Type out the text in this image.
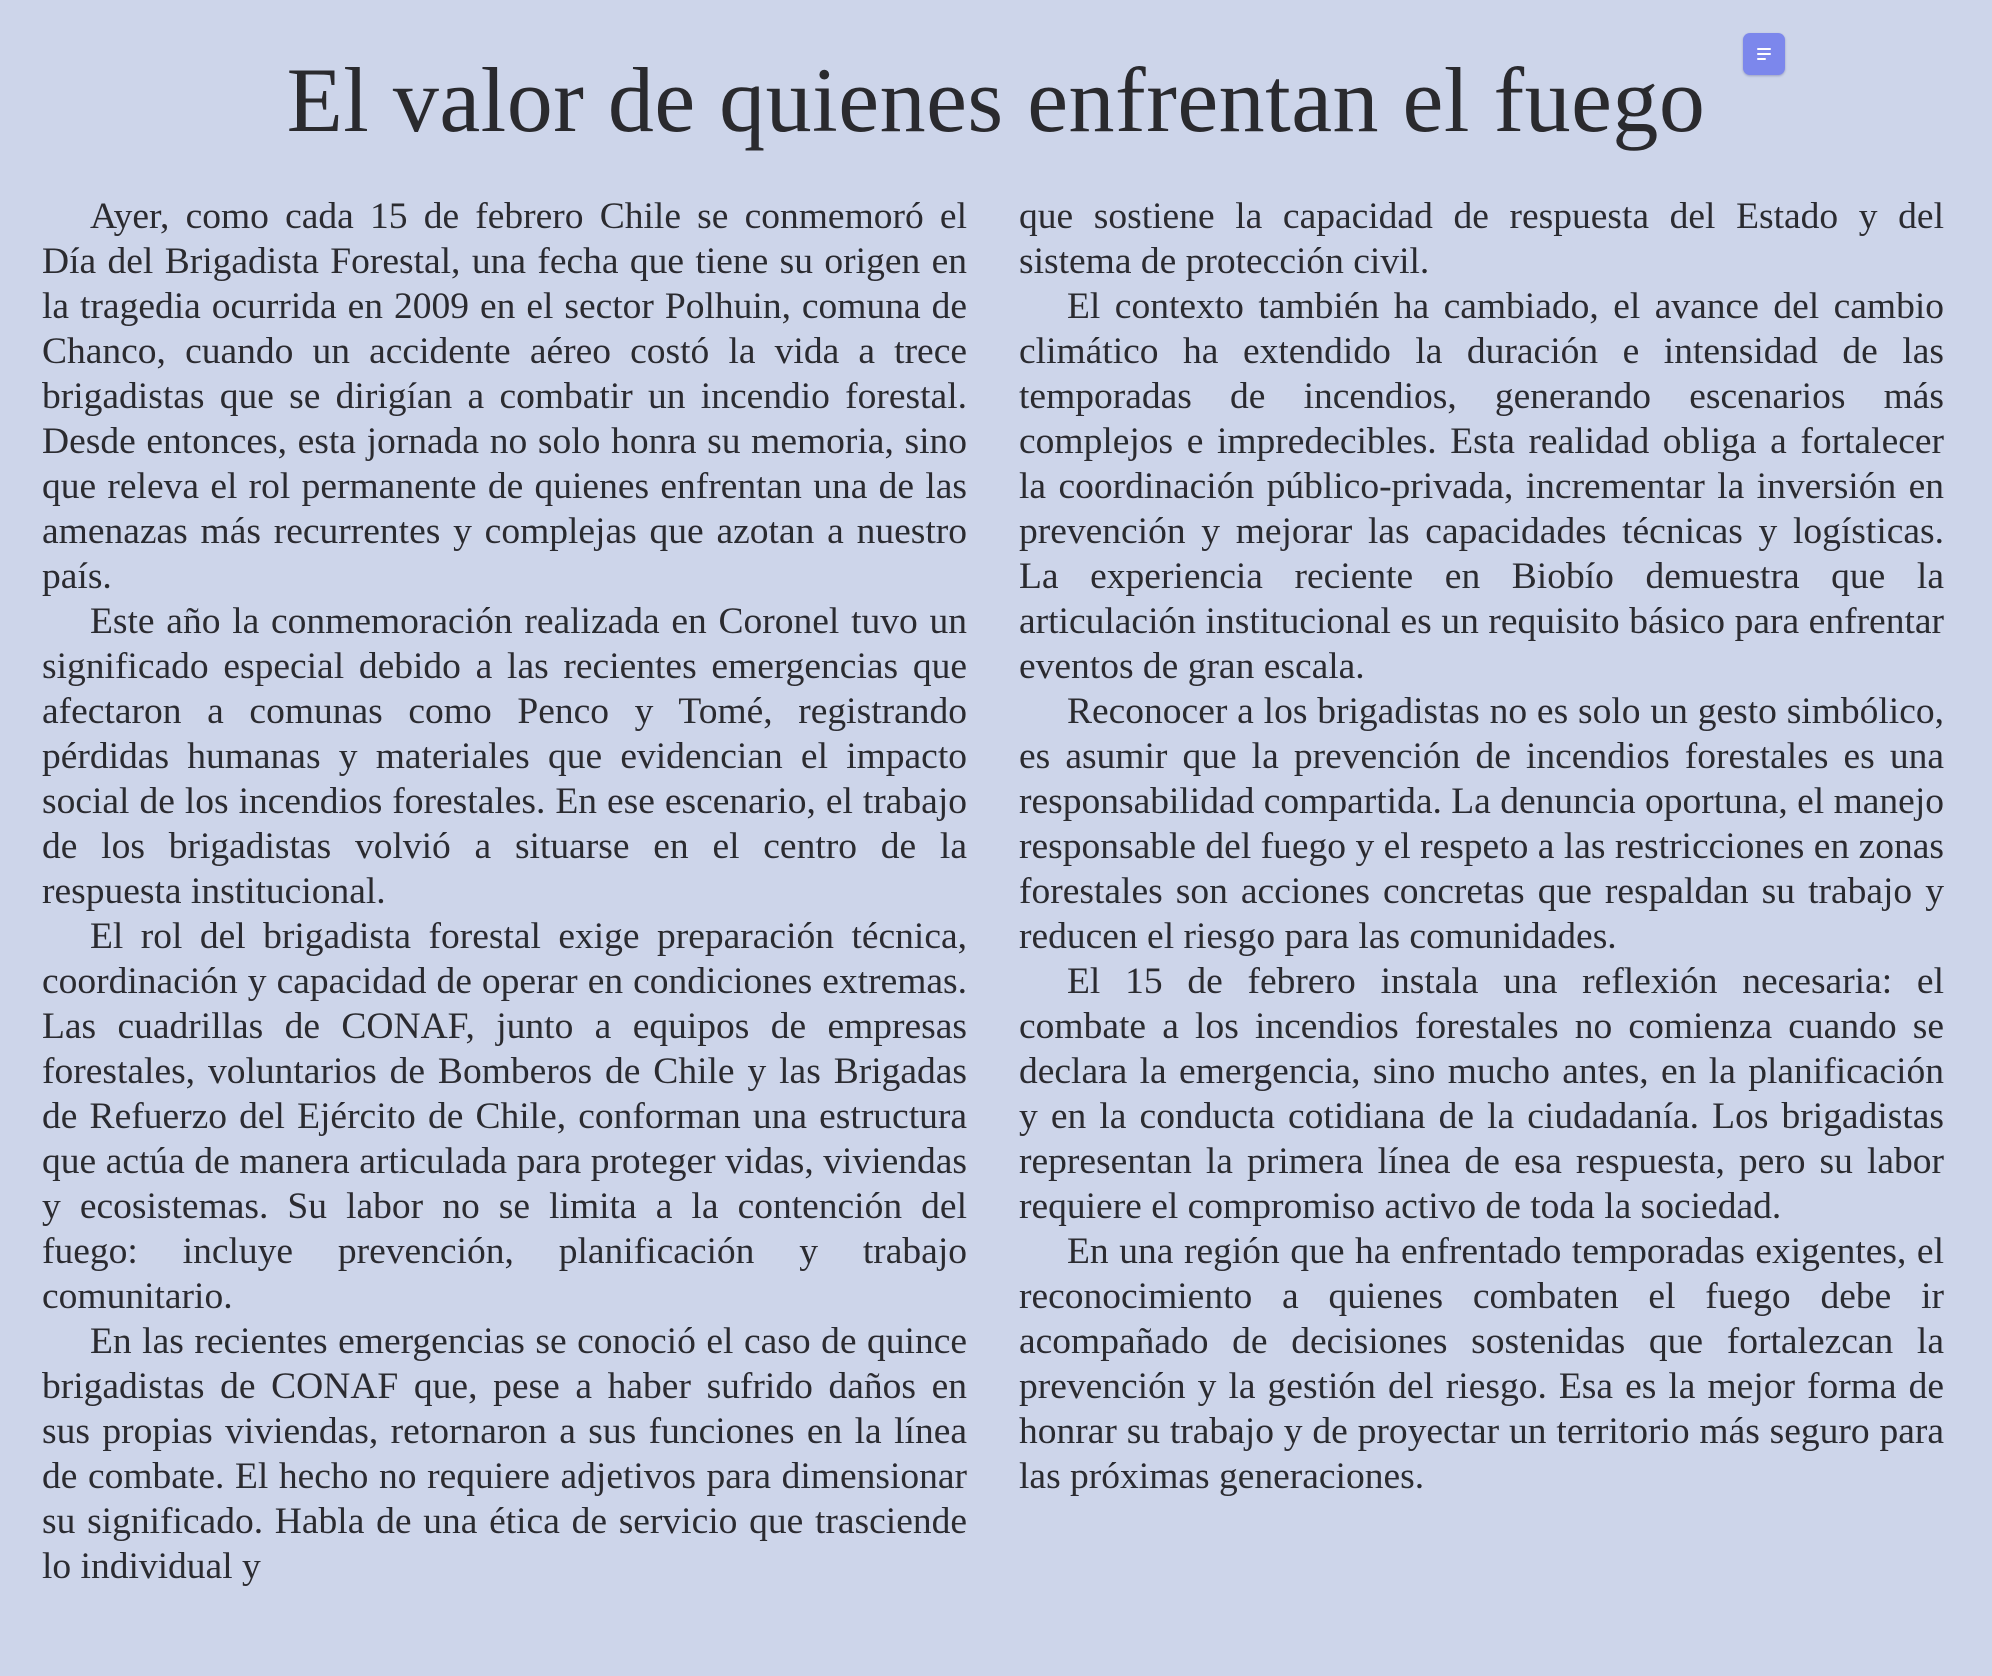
El valor de quienes enfrentan el fuego

Ayer, como cada 15 de febrero Chile se conmemoró el Día del Brigadista Forestal, una fecha que tiene su origen en la tragedia ocurrida en 2009 en el sector Polhuin, comuna de Chanco, cuando un accidente aéreo costó la vida a trece brigadistas que se dirigían a combatir un incendio forestal. Desde entonces, esta jornada no solo honra su memoria, sino que releva el rol permanente de quienes enfrentan una de las amenazas más recurrentes y complejas que azotan a nuestro país.

Este año la conmemoración realizada en Coronel tuvo un significado especial debido a las recientes emergencias que afectaron a comunas como Penco y Tomé, registrando pérdidas humanas y materiales que evidencian el impacto social de los incendios forestales. En ese escenario, el trabajo de los brigadistas volvió a situarse en el centro de la respuesta institucional.

El rol del brigadista forestal exige preparación técnica, coordinación y capacidad de operar en condiciones extremas. Las cuadrillas de CONAF, junto a equipos de empresas forestales, voluntarios de Bomberos de Chile y las Brigadas de Refuerzo del Ejército de Chile, conforman una estructura que actúa de manera articulada para proteger vidas, viviendas y ecosistemas. Su labor no se limita a la contención del fuego: incluye prevención, planificación y trabajo comunitario.

En las recientes emergencias se conoció el caso de quince brigadistas de CONAF que, pese a haber sufrido daños en sus propias viviendas, retornaron a sus funciones en la línea de combate. El hecho no requiere adjetivos para dimensionar su significado. Habla de una ética de servicio que trasciende lo individual y

que sostiene la capacidad de respuesta del Estado y del sistema de protección civil.

El contexto también ha cambiado, el avance del cambio climático ha extendido la duración e intensidad de las temporadas de incendios, generando escenarios más complejos e impredecibles. Esta realidad obliga a fortalecer la coordinación público-privada, incrementar la inversión en prevención y mejorar las capacidades técnicas y logísticas. La experiencia reciente en Biobío demuestra que la articulación institucional es un requisito básico para enfrentar eventos de gran escala.

Reconocer a los brigadistas no es solo un gesto simbólico, es asumir que la prevención de incendios forestales es una responsabilidad compartida. La denuncia oportuna, el manejo responsable del fuego y el respeto a las restricciones en zonas forestales son acciones concretas que respaldan su trabajo y reducen el riesgo para las comunidades.

El 15 de febrero instala una reflexión necesaria: el combate a los incendios forestales no comienza cuando se declara la emergencia, sino mucho antes, en la planificación y en la conducta cotidiana de la ciudadanía. Los brigadistas representan la primera línea de esa respuesta, pero su labor requiere el compromiso activo de toda la sociedad.

En una región que ha enfrentado temporadas exigentes, el reconocimiento a quienes combaten el fuego debe ir acompañado de decisiones sostenidas que fortalezcan la prevención y la gestión del riesgo. Esa es la mejor forma de honrar su trabajo y de proyectar un territorio más seguro para las próximas generaciones.
